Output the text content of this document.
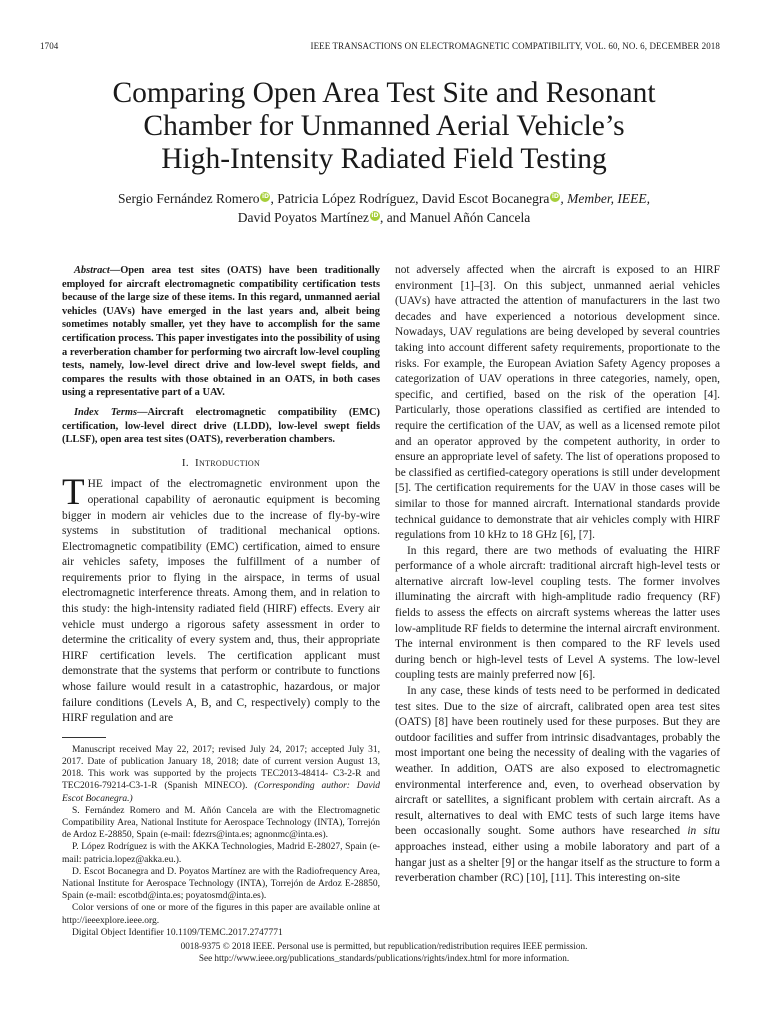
1704	IEEE TRANSACTIONS ON ELECTROMAGNETIC COMPATIBILITY, VOL. 60, NO. 6, DECEMBER 2018
Comparing Open Area Test Site and Resonant
Chamber for Unmanned Aerial Vehicle’s
High-Intensity Radiated Field Testing
Sergio Fernández Romero iD, Patricia López Rodríguez, David Escot Bocanegra iD, Member, IEEE,
David Poyatos Martínez iD, and Manuel Añón Cancela

Abstract—Open area test sites (OATS) have been traditionally employed for aircraft electromagnetic compatibility certification tests because of the large size of these items. In this regard, unmanned aerial vehicles (UAVs) have emerged in the last years and, albeit being sometimes notably smaller, yet they have to accomplish for the same certification process. This paper investigates into the possibility of using a reverberation chamber for performing two aircraft low-level coupling tests, namely, low-level direct drive and low-level swept fields, and compares the results with those obtained in an OATS, in both cases using a representative part of a UAV.

Index Terms—Aircraft electromagnetic compatibility (EMC) certification, low-level direct drive (LLDD), low-level swept fields (LLSF), open area test sites (OATS), reverberation chambers.

I. Introduction

THE impact of the electromagnetic environment upon the operational capability of aeronautic equipment is becoming bigger in modern air vehicles due to the increase of fly-by-wire systems in substitution of traditional mechanical options. Electromagnetic compatibility (EMC) certification, aimed to ensure air vehicles safety, imposes the fulfillment of a number of requirements prior to flying in the airspace, in terms of usual electromagnetic interference threats. Among them, and in relation to this study: the high-intensity radiated field (HIRF) effects. Every air vehicle must undergo a rigorous safety assessment in order to determine the criticality of every system and, thus, their appropriate HIRF certification levels. The certification applicant must demonstrate that the systems that perform or contribute to functions whose failure would result in a catastrophic, hazardous, or major failure conditions (Levels A, B, and C, respectively) comply to the HIRF regulation and are

Manuscript received May 22, 2017; revised July 24, 2017; accepted July 31, 2017. Date of publication January 18, 2018; date of current version August 13, 2018. This work was supported by the projects TEC2013-48414- C3-2-R and TEC2016-79214-C3-1-R (Spanish MINECO). (Corresponding author: David Escot Bocanegra.)

S. Fernández Romero and M. Añón Cancela are with the Electromagnetic Compatibility Area, National Institute for Aerospace Technology (INTA), Torrejón de Ardoz E-28850, Spain (e-mail: fdezrs@inta.es; agnonmc@inta.es).

P. López Rodríguez is with the AKKA Technologies, Madrid E-28027, Spain (e-mail: patricia.lopez@akka.eu.).

D. Escot Bocanegra and D. Poyatos Martínez are with the Radiofrequency Area, National Institute for Aerospace Technology (INTA), Torrejón de Ardoz E-28850, Spain (e-mail: escotbd@inta.es; poyatosmd@inta.es).

Color versions of one or more of the figures in this paper are available online at http://ieeexplore.ieee.org.

Digital Object Identifier 10.1109/TEMC.2017.2747771

not adversely affected when the aircraft is exposed to an HIRF environment [1]–[3]. On this subject, unmanned aerial vehicles (UAVs) have attracted the attention of manufacturers in the last two decades and have experienced a notorious development since. Nowadays, UAV regulations are being developed by several countries taking into account different safety requirements, proportionate to the risks. For example, the European Aviation Safety Agency proposes a categorization of UAV operations in three categories, namely, open, specific, and certified, based on the risk of the operation [4]. Particularly, those operations classified as certified are intended to require the certification of the UAV, as well as a licensed remote pilot and an operator approved by the competent authority, in order to ensure an appropriate level of safety. The list of operations proposed to be classified as certified-category operations is still under development [5]. The certification requirements for the UAV in those cases will be similar to those for manned aircraft. International standards provide technical guidance to demonstrate that air vehicles comply with HIRF regulations from 10 kHz to 18 GHz [6], [7].

In this regard, there are two methods of evaluating the HIRF performance of a whole aircraft: traditional aircraft high-level tests or alternative aircraft low-level coupling tests. The former involves illuminating the aircraft with high-amplitude radio frequency (RF) fields to assess the effects on aircraft systems whereas the latter uses low-amplitude RF fields to determine the internal aircraft environment. The internal environment is then compared to the RF levels used during bench or high-level tests of Level A systems. The low-level coupling tests are mainly preferred now [6].

In any case, these kinds of tests need to be performed in dedicated test sites. Due to the size of aircraft, calibrated open area test sites (OATS) [8] have been routinely used for these purposes. But they are outdoor facilities and suffer from intrinsic disadvantages, probably the most important one being the necessity of dealing with the vagaries of weather. In addition, OATS are also exposed to electromagnetic environmental interference and, even, to overhead observation by aircraft or satellites, a significant problem with certain aircraft. As a result, alternatives to deal with EMC tests of such large items have been occasionally sought. Some authors have researched in situ approaches instead, either using a mobile laboratory and part of a hangar just as a shelter [9] or the hangar itself as the structure to form a reverberation chamber (RC) [10], [11]. This interesting on-site

0018-9375 © 2018 IEEE. Personal use is permitted, but republication/redistribution requires IEEE permission.
See http://www.ieee.org/publications_standards/publications/rights/index.html for more information.
